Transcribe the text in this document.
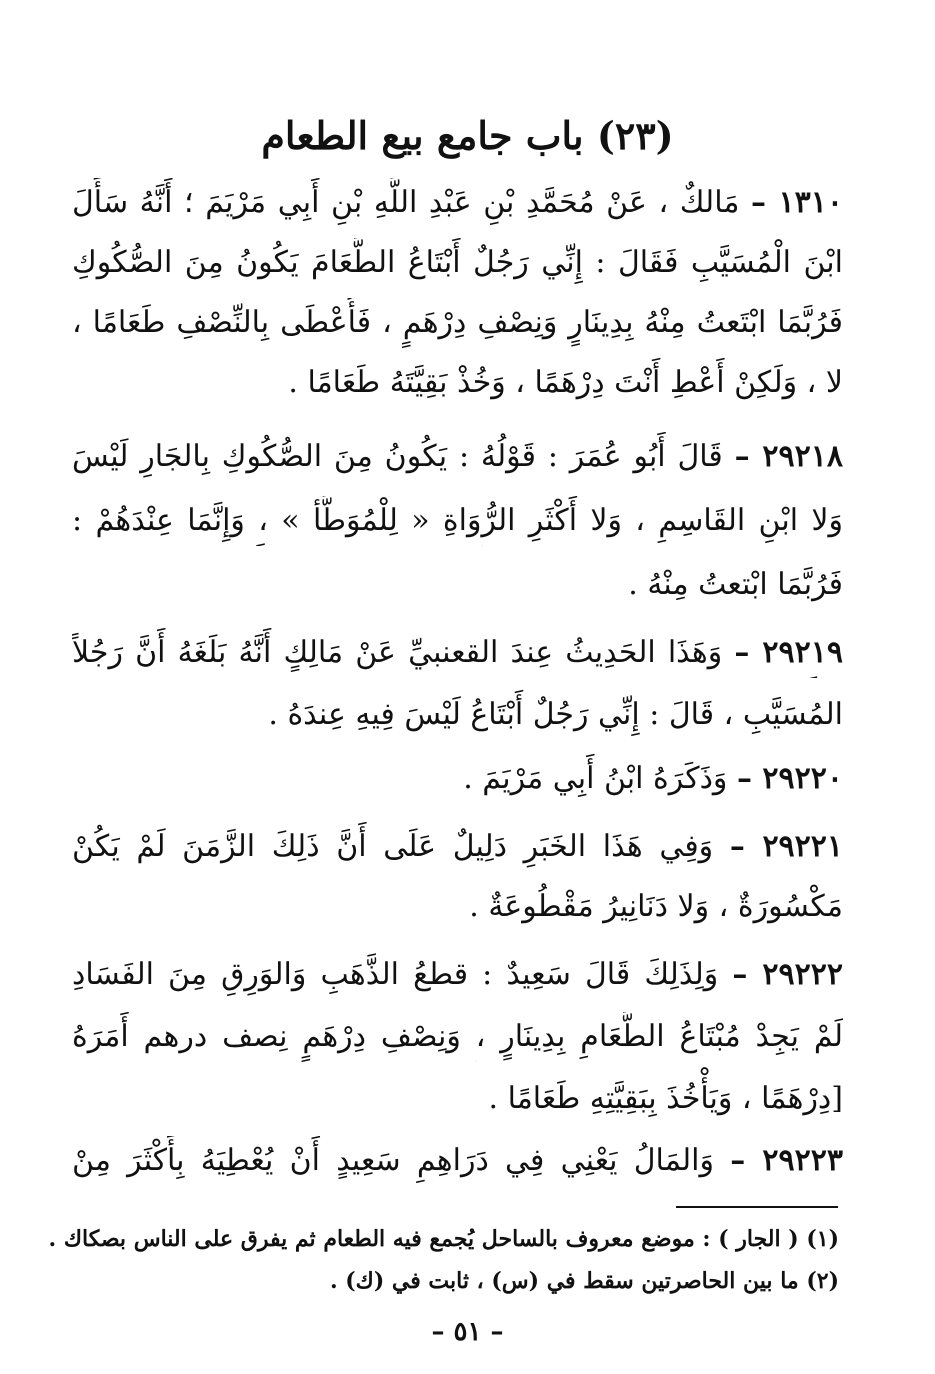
(٢٣) باب جامع بيع الطعام
١٣١٠ – مَالكٌ ، عَنْ مُحَمَّدِ بْنِ عَبْدِ اللَّهِ بْنِ أَبِي مَرْيَمَ ؛ أَنَّهُ سَأَلَ
ابْنَ الْمُسَيَّبِ فَقَالَ : إِنِّي رَجُلٌ أَبْتَاعُ الطَّعَامَ يَكُونُ مِنَ الصُّكُوكِ
فَرُبَّمَا ابْتَعتُ مِنْهُ بِدِينَارٍ وَنِصْفِ دِرْهَمٍ ، فَأُعْطَى بِالنِّصْفِ طَعَامًا ،
لا ، وَلَكِنْ أَعْطِ أَنْتَ دِرْهَمًا ، وَخُذْ بَقِيَّتَهُ طَعَامًا .
٢٩٢١٨ – قَالَ أَبُو عُمَرَ : قَوْلُهُ : يَكُونُ مِنَ الصُّكُوكِ بِالجَارِ لَيْسَ
وَلا ابْنِ القَاسِمِ ، وَلا أَكْثَرِ الرُّوَاةِ « لِلْمُوَطَّأ » ، وَإِنَّمَا عِنْدَهُمْ :
فَرُبَّمَا ابْتعتُ مِنْهُ .
٢٩٢١٩ – وَهَذَا الحَدِيثُ عِندَ القعنبيِّ عَنْ مَالِكٍ أَنَّهُ بَلَغَهُ أَنَّ رَجُلاً
المُسَيَّبِ ، قَالَ : إِنِّي رَجُلٌ أَبْتَاعُ لَيْسَ فِيهِ عِندَهُ .
٢٩٢٢٠ – وَذَكَرَهُ ابْنُ أَبِي مَرْيَمَ .
٢٩٢٢١ – وَفِي هَذَا الخَبَرِ دَلِيلٌ عَلَى أَنَّ ذَلِكَ الزَّمَنَ لَمْ يَكُنْ
مَكْسُورَةٌ ، وَلا دَنَانِيرُ مَقْطُوعَةٌ .
٢٩٢٢٢ – وَلِذَلِكَ قَالَ سَعِيدٌ : قطعُ الذَّهَبِ وَالوَرِقِ مِنَ الفَسَادِ
لَمْ يَجِدْ مُبْتَاعُ الطَّعَامِ بِدِينَارٍ ، وَنِصْفِ دِرْهَمٍ نِصف درهم أَمَرَهُ
[دِرْهَمًا ، وَيَأْخُذَ بِبَقِيَّتِهِ طَعَامًا .
٢٩٢٢٣ – وَالمَالُ يَعْنِي فِي دَرَاهِمِ سَعِيدٍ أَنْ يُعْطِيَهُ بِأَكْثَرَ مِنْ
(١) ( الجار ) : موضع معروف بالساحل يُجمع فيه الطعام ثم يفرق على الناس بصكاك .
(٢) ما بين الحاصرتين سقط في (س) ، ثابت في (ك) .
– ٥١ –
